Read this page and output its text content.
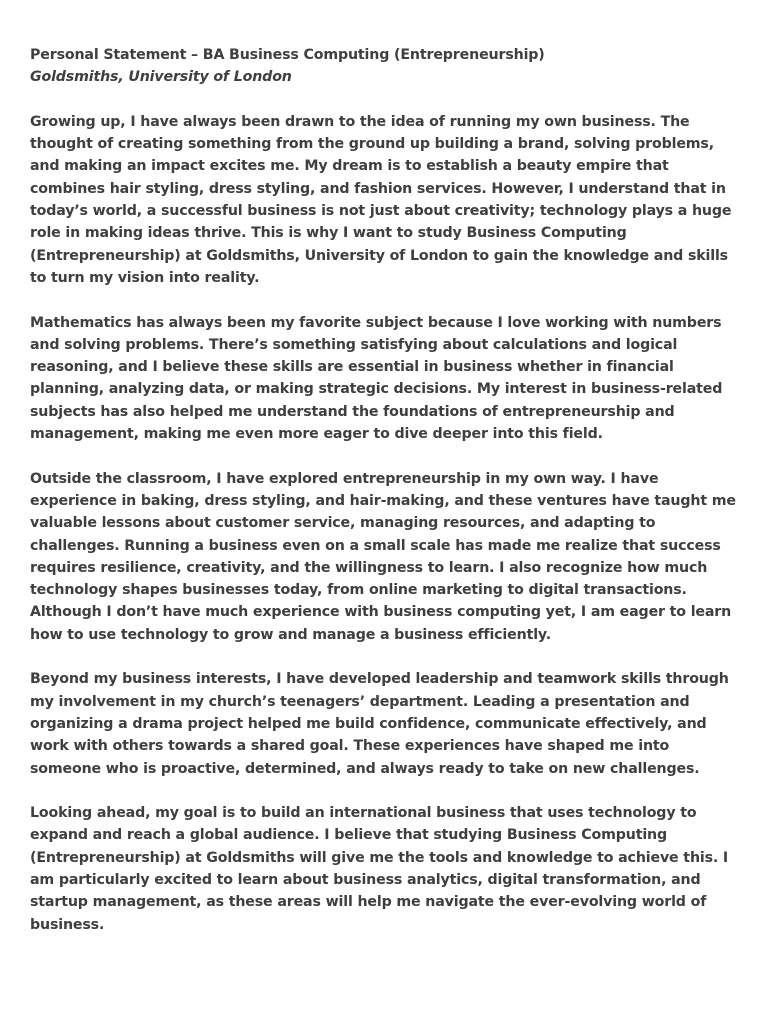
Personal Statement – BA Business Computing (Entrepreneurship)

Goldsmiths, University of London

Growing up, I have always been drawn to the idea of running my own business. The thought of creating something from the ground up building a brand, solving problems, and making an impact excites me. My dream is to establish a beauty empire that combines hair styling, dress styling, and fashion services. However, I understand that in today’s world, a successful business is not just about creativity; technology plays a huge role in making ideas thrive. This is why I want to study Business Computing (Entrepreneurship) at Goldsmiths, University of London to gain the knowledge and skills to turn my vision into reality.

Mathematics has always been my favorite subject because I love working with numbers and solving problems. There’s something satisfying about calculations and logical reasoning, and I believe these skills are essential in business whether in financial planning, analyzing data, or making strategic decisions. My interest in business-related subjects has also helped me understand the foundations of entrepreneurship and management, making me even more eager to dive deeper into this field.

Outside the classroom, I have explored entrepreneurship in my own way. I have experience in baking, dress styling, and hair-making, and these ventures have taught me valuable lessons about customer service, managing resources, and adapting to challenges. Running a business even on a small scale has made me realize that success requires resilience, creativity, and the willingness to learn. I also recognize how much technology shapes businesses today, from online marketing to digital transactions. Although I don’t have much experience with business computing yet, I am eager to learn how to use technology to grow and manage a business efficiently.

Beyond my business interests, I have developed leadership and teamwork skills through my involvement in my church’s teenagers’ department. Leading a presentation and organizing a drama project helped me build confidence, communicate effectively, and work with others towards a shared goal. These experiences have shaped me into someone who is proactive, determined, and always ready to take on new challenges.

Looking ahead, my goal is to build an international business that uses technology to expand and reach a global audience. I believe that studying Business Computing (Entrepreneurship) at Goldsmiths will give me the tools and knowledge to achieve this. I am particularly excited to learn about business analytics, digital transformation, and startup management, as these areas will help me navigate the ever-evolving world of business.
